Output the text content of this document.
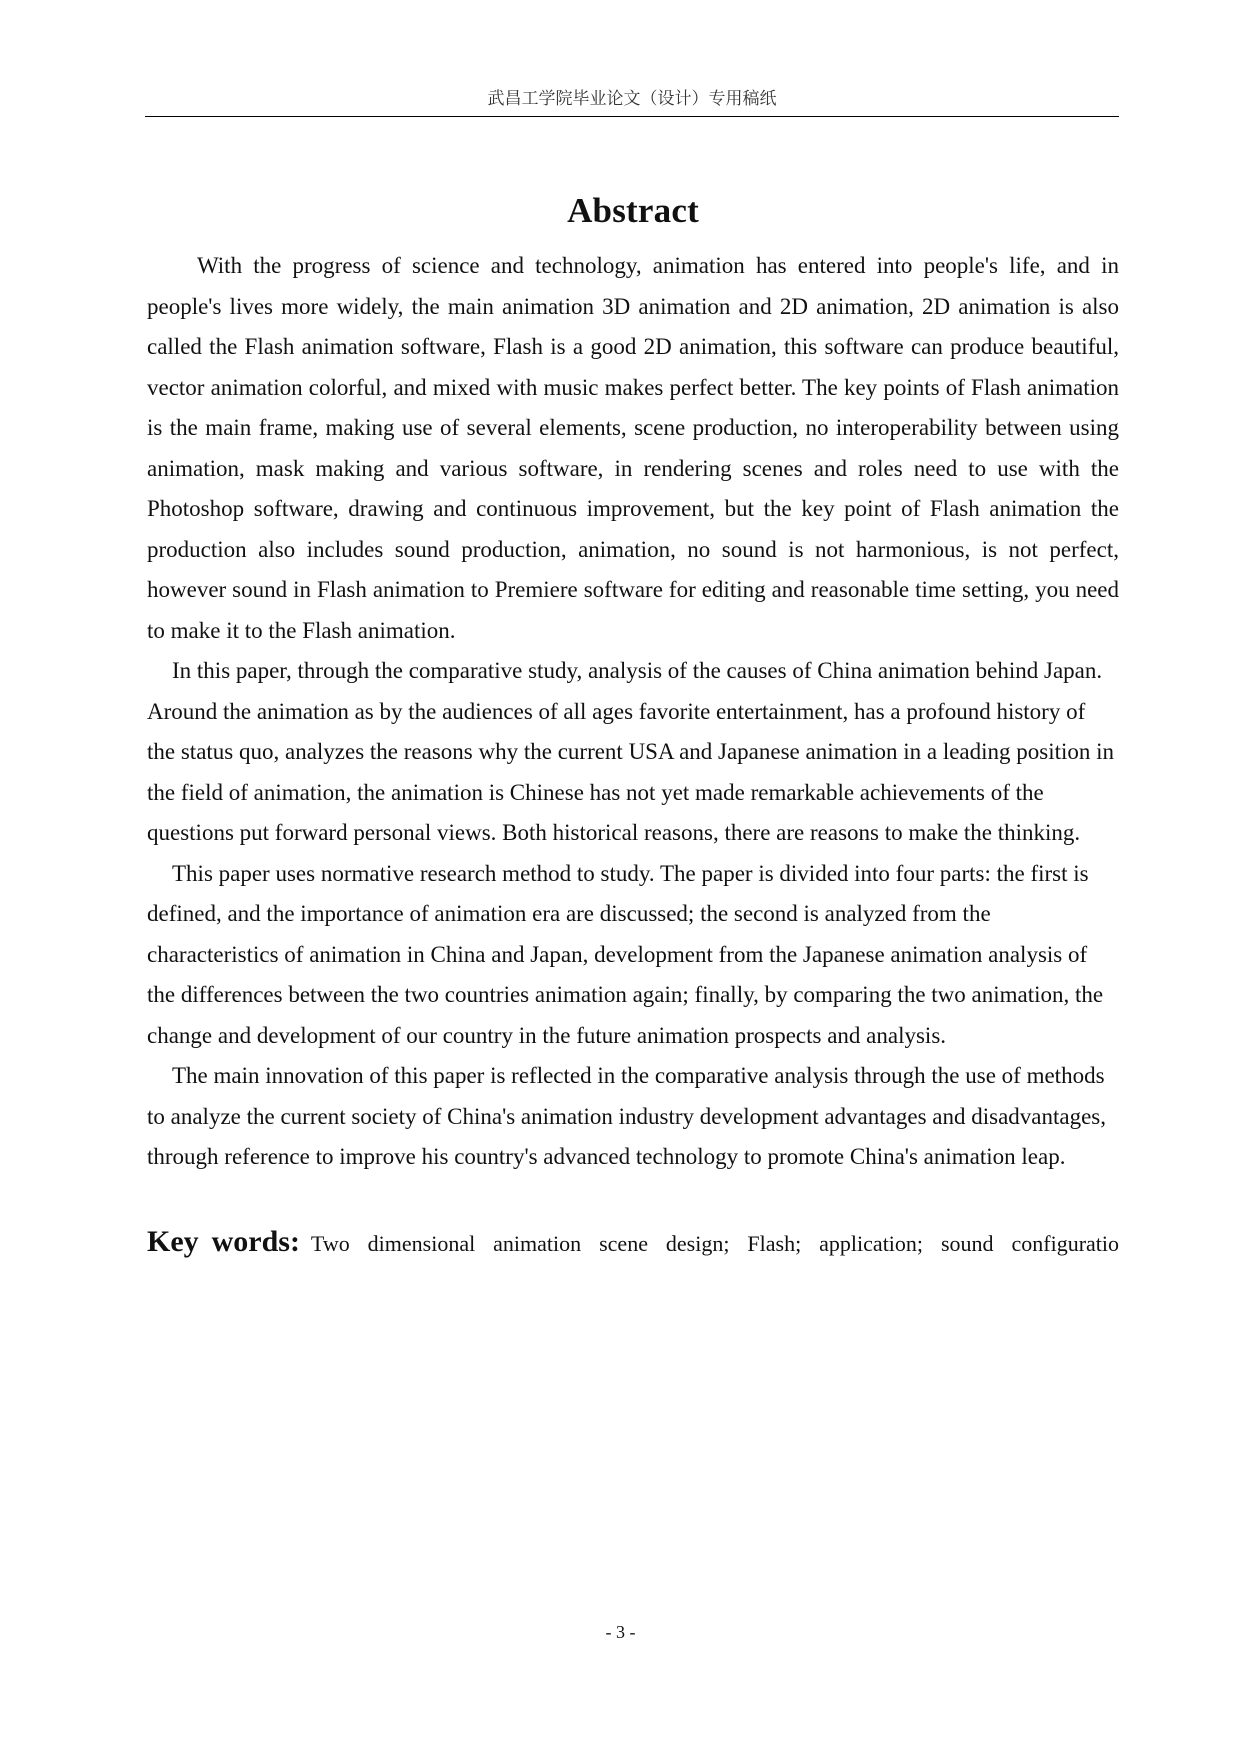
武昌工学院毕业论文（设计）专用稿纸
Abstract

With the progress of science and technology, animation has entered into people's life, and in people's lives more widely, the main animation 3D animation and 2D animation, 2D animation is also called the Flash animation software, Flash is a good 2D animation, this software can produce beautiful, vector animation colorful, and mixed with music makes perfect better. The key points of Flash animation is the main frame, making use of several elements, scene production, no interoperability between using animation, mask making and various software, in rendering scenes and roles need to use with the Photoshop software, drawing and continuous improvement, but the key point of Flash animation the production also includes sound production, animation, no sound is not harmonious, is not perfect, however sound in Flash animation to Premiere software for editing and reasonable time setting, you need to make it to the Flash animation.

In this paper, through the comparative study, analysis of the causes of China animation behind Japan. Around the animation as by the audiences of all ages favorite entertainment, has a profound history of the status quo, analyzes the reasons why the current USA and Japanese animation in a leading position in the field of animation, the animation is Chinese has not yet made remarkable achievements of the questions put forward personal views. Both historical reasons, there are reasons to make the thinking.

This paper uses normative research method to study. The paper is divided into four parts: the first is defined, and the importance of animation era are discussed; the second is analyzed from the characteristics of animation in China and Japan, development from the Japanese animation analysis of the differences between the two countries animation again; finally, by comparing the two animation, the change and development of our country in the future animation prospects and analysis.

The main innovation of this paper is reflected in the comparative analysis through the use of methods to analyze the current society of China's animation industry development advantages and disadvantages, through reference to improve his country's advanced technology to promote China's animation leap.

Key words: Two dimensional animation scene design; Flash; application; sound configuratio

- 3 -
